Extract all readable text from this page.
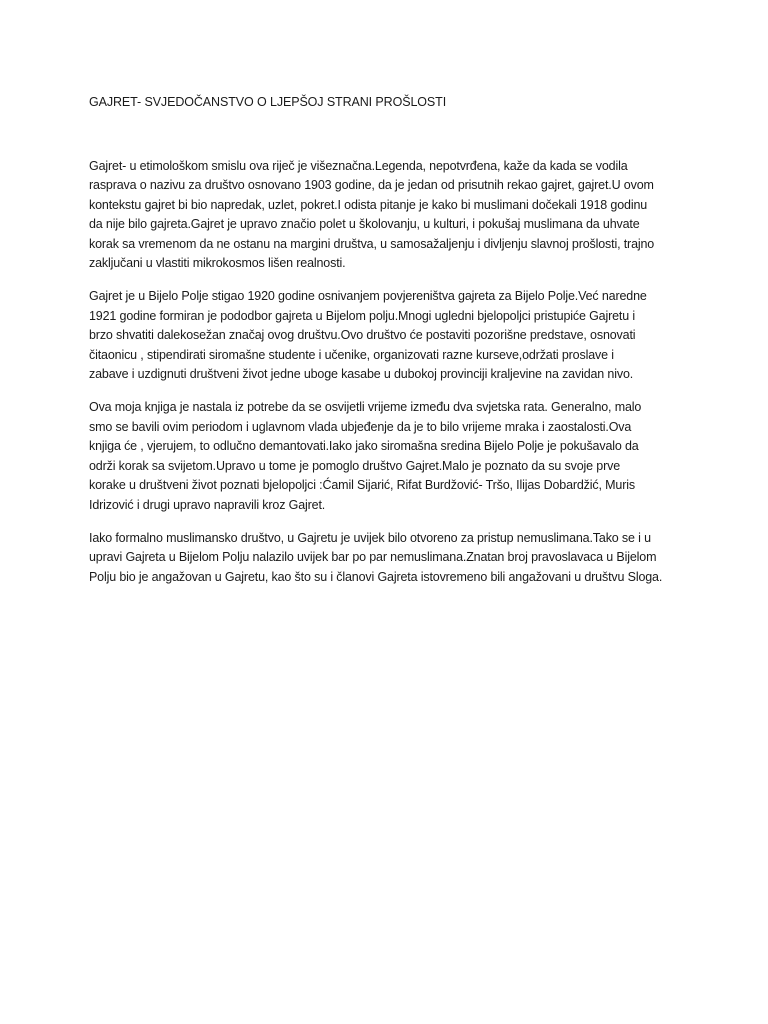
GAJRET- SVJEDOČANSTVO O LJEPŠOJ STRANI PROŠLOSTI

Gajret- u etimološkom smislu ova riječ je višeznačna.Legenda, nepotvrđena, kaže da kada se vodila
rasprava o nazivu za društvo osnovano 1903 godine, da je jedan od prisutnih rekao gajret, gajret.U ovom
kontekstu gajret bi bio napredak, uzlet, pokret.I odista pitanje je kako bi muslimani dočekali 1918 godinu
da nije bilo gajreta.Gajret je upravo značio polet u školovanju, u kulturi, i pokušaj muslimana da uhvate
korak sa vremenom da ne ostanu na margini društva, u samosažaljenju i divljenju slavnoj prošlosti, trajno
zaključani u vlastiti mikrokosmos lišen realnosti.

Gajret je u Bijelo Polje stigao 1920 godine osnivanjem povjereništva gajreta za Bijelo Polje.Već naredne
1921 godine formiran je pododbor gajreta u Bijelom polju.Mnogi ugledni bjelopoljci pristupiće Gajretu i
brzo shvatiti dalekosežan značaj ovog društvu.Ovo društvo će postaviti pozorišne predstave, osnovati
čitaonicu , stipendirati siromašne studente i učenike, organizovati razne kurseve,održati proslave i
zabave i uzdignuti društveni život jedne uboge kasabe u dubokoj provinciji kraljevine na zavidan nivo.

Ova moja knjiga je nastala iz potrebe da se osvijetli vrijeme između dva svjetska rata. Generalno, malo
smo se bavili ovim periodom i uglavnom vlada ubjeđenje da je to bilo vrijeme mraka i zaostalosti.Ova
knjiga će , vjerujem, to odlučno demantovati.Iako jako siromašna sredina Bijelo Polje je pokušavalo da
održi korak sa svijetom.Upravo u tome je pomoglo društvo Gajret.Malo je poznato da su svoje prve
korake u društveni život poznati bjelopoljci :Ćamil Sijarić, Rifat Burdžović- Tršo, Ilijas Dobardžić, Muris
Idrizović i drugi upravo napravili kroz Gajret.

Iako formalno muslimansko društvo, u Gajretu je uvijek bilo otvoreno za pristup nemuslimana.Tako se i u
upravi Gajreta u Bijelom Polju nalazilo uvijek bar po par nemuslimana.Znatan broj pravoslavaca u Bijelom
Polju bio je angažovan u Gajretu, kao što su i članovi Gajreta istovremeno bili angažovani u društvu Sloga.
